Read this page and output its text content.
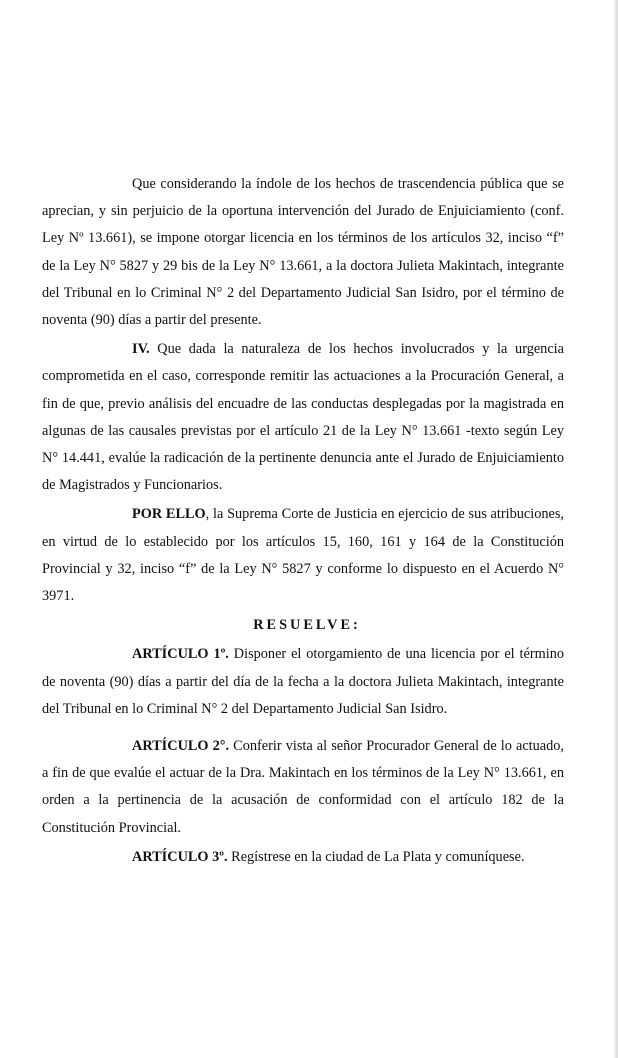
Que considerando la índole de los hechos de trascendencia pública que se aprecian, y sin perjuicio de la oportuna intervención del Jurado de Enjuiciamiento (conf. Ley Nº 13.661), se impone otorgar licencia en los términos de los artículos 32, inciso “f” de la Ley N° 5827 y 29 bis de la Ley N° 13.661, a la doctora Julieta Makintach, integrante del Tribunal en lo Criminal N° 2 del Departamento Judicial San Isidro, por el término de noventa (90) días a partir del presente.

IV. Que dada la naturaleza de los hechos involucrados y la urgencia comprometida en el caso, corresponde remitir las actuaciones a la Procuración General, a fin de que, previo análisis del encuadre de las conductas desplegadas por la magistrada en algunas de las causales previstas por el artículo 21 de la Ley N° 13.661 -texto según Ley N° 14.441, evalúe la radicación de la pertinente denuncia ante el Jurado de Enjuiciamiento de Magistrados y Funcionarios.

POR ELLO, la Suprema Corte de Justicia en ejercicio de sus atribuciones, en virtud de lo establecido por los artículos 15, 160, 161 y 164 de la Constitución Provincial y 32, inciso “f” de la Ley N° 5827 y conforme lo dispuesto en el Acuerdo N° 3971.

RESUELVE:

ARTÍCULO 1º. Disponer el otorgamiento de una licencia por el término de noventa (90) días a partir del día de la fecha a la doctora Julieta Makintach, integrante del Tribunal en lo Criminal N° 2 del Departamento Judicial San Isidro.

ARTÍCULO 2°. Conferir vista al señor Procurador General de lo actuado, a fin de que evalúe el actuar de la Dra. Makintach en los términos de la Ley N° 13.661, en orden a la pertinencia de la acusación de conformidad con el artículo 182 de la Constitución Provincial.

ARTÍCULO 3º. Regístrese en la ciudad de La Plata y comuníquese.
